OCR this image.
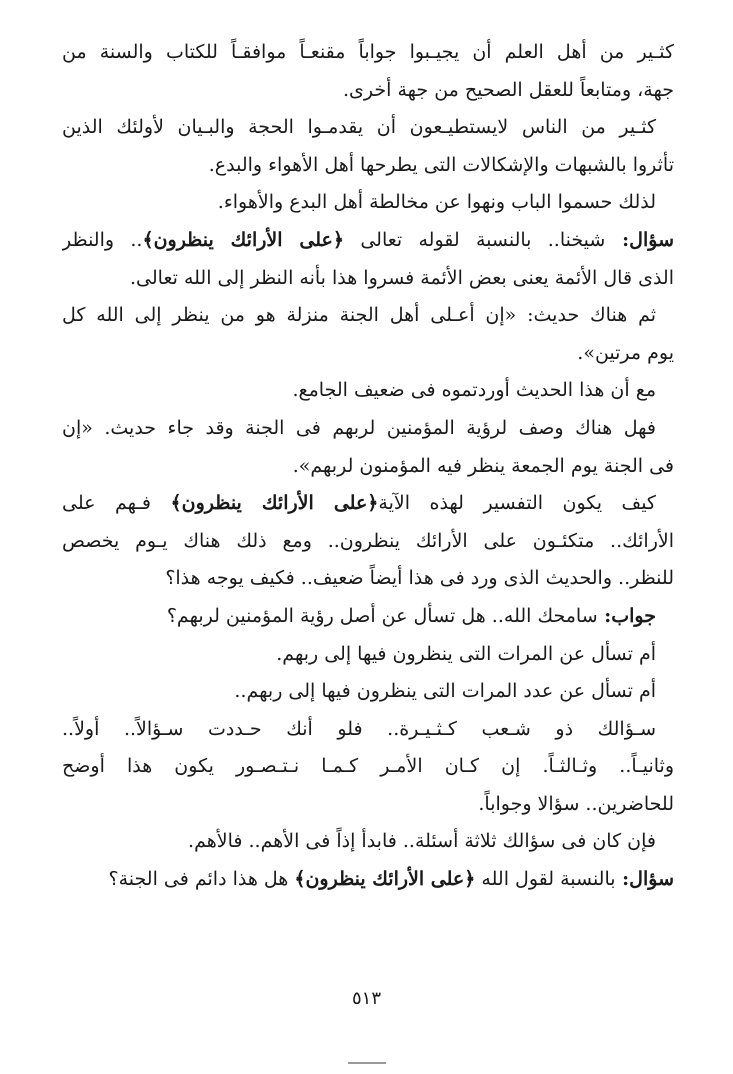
كثـير من أهل العلم أن يجيـبوا جواباً مقنعـاً موافقـاً للكتاب والسنة من
جهة، ومتابعاً للعقل الصحيح من جهة أخرى.
كثـير من الناس لايستطيـعون أن يقدمـوا الحجة والبـيان لأولئك الذين
تأثروا بالشبهات والإشكالات التى يطرحها أهل الأهواء والبدع.
لذلك حسموا الباب ونهوا عن مخالطة أهل البدع والأهواء.
سؤال: شيخنا.. بالنسبة لقوله تعالى ﴿على الأرائك ينظرون﴾.. والنظر
الذى قال الأئمة يعنى بعض الأئمة فسروا هذا بأنه النظر إلى الله تعالى.
ثم هناك حديث: «إن أعـلى أهل الجنة منزلة هو من ينظر إلى الله كل
يوم مرتين».
مع أن هذا الحديث أوردتموه فى ضعيف الجامع.
فهل هناك وصف لرؤية المؤمنين لربهم فى الجنة وقد جاء حديث. «إن
فى الجنة يوم الجمعة ينظر فيه المؤمنون لربهم».
كيف يكون التفسير لهذه الآية﴿على الأرائك ينظرون﴾ فـهم على
الأرائك.. متكئـون على الأرائك ينظرون.. ومع ذلك هناك يـوم يخصص
للنظر.. والحديث الذى ورد فى هذا أيضاً ضعيف.. فكيف يوجه هذا؟
جواب: سامحك الله.. هل تسأل عن أصل رؤية المؤمنين لربهم؟
أم تسأل عن المرات التى ينظرون فيها إلى ربهم.
أم تسأل عن عدد المرات التى ينظرون فيها إلى ربهم..
سـؤالك ذو شـعب كـثـيـرة.. فلو أنك حـددت سـؤالاً.. أولاً..
وثانيـاً.. وثـالثـاً. إن كـان الأمـر كـمـا نـتـصـور يكون هذا أوضح
للحاضرين.. سؤالا وجواباً.
فإن كان فى سؤالك ثلاثة أسئلة.. فابدأ إذاً فى الأهم.. فالأهم.
سؤال: بالنسبة لقول الله ﴿على الأرائك ينظرون﴾ هل هذا دائم فى الجنة؟
٥١٣
